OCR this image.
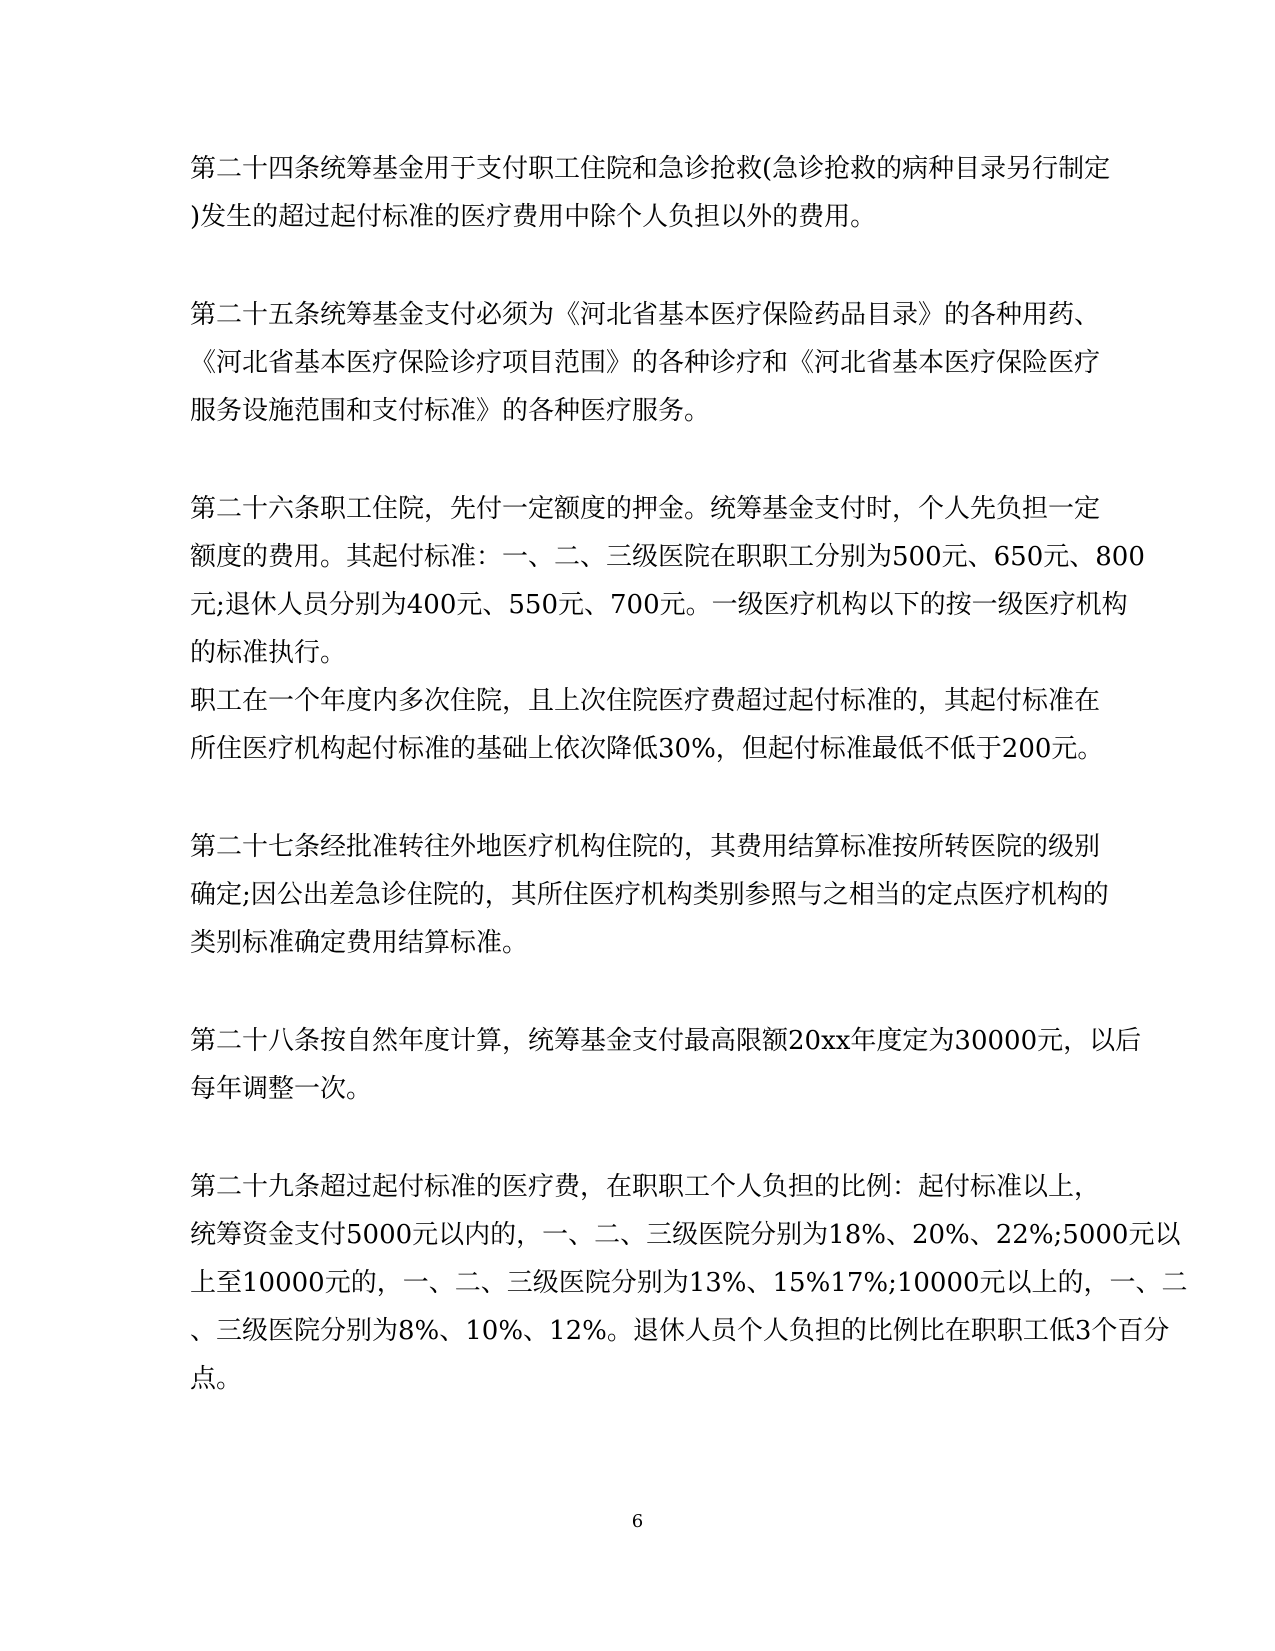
第二十四条统筹基金用于支付职工住院和急诊抢救(急诊抢救的病种目录另行制定
)发生的超过起付标准的医疗费用中除个人负担以外的费用。
第二十五条统筹基金支付必须为《河北省基本医疗保险药品目录》的各种用药、
《河北省基本医疗保险诊疗项目范围》的各种诊疗和《河北省基本医疗保险医疗
服务设施范围和支付标准》的各种医疗服务。
第二十六条职工住院，先付一定额度的押金。统筹基金支付时，个人先负担一定
额度的费用。其起付标准：一、二、三级医院在职职工分别为500元、650元、800
元;退休人员分别为400元、550元、700元。一级医疗机构以下的按一级医疗机构
的标准执行。
职工在一个年度内多次住院，且上次住院医疗费超过起付标准的，其起付标准在
所住医疗机构起付标准的基础上依次降低30%，但起付标准最低不低于200元。
第二十七条经批准转往外地医疗机构住院的，其费用结算标准按所转医院的级别
确定;因公出差急诊住院的，其所住医疗机构类别参照与之相当的定点医疗机构的
类别标准确定费用结算标准。
第二十八条按自然年度计算，统筹基金支付最高限额20xx年度定为30000元，以后
每年调整一次。
第二十九条超过起付标准的医疗费，在职职工个人负担的比例：起付标准以上，
统筹资金支付5000元以内的，一、二、三级医院分别为18%、20%、22%;5000元以
上至10000元的，一、二、三级医院分别为13%、15%17%;10000元以上的，一、二
、三级医院分别为8%、10%、12%。退休人员个人负担的比例比在职职工低3个百分
点。
6
